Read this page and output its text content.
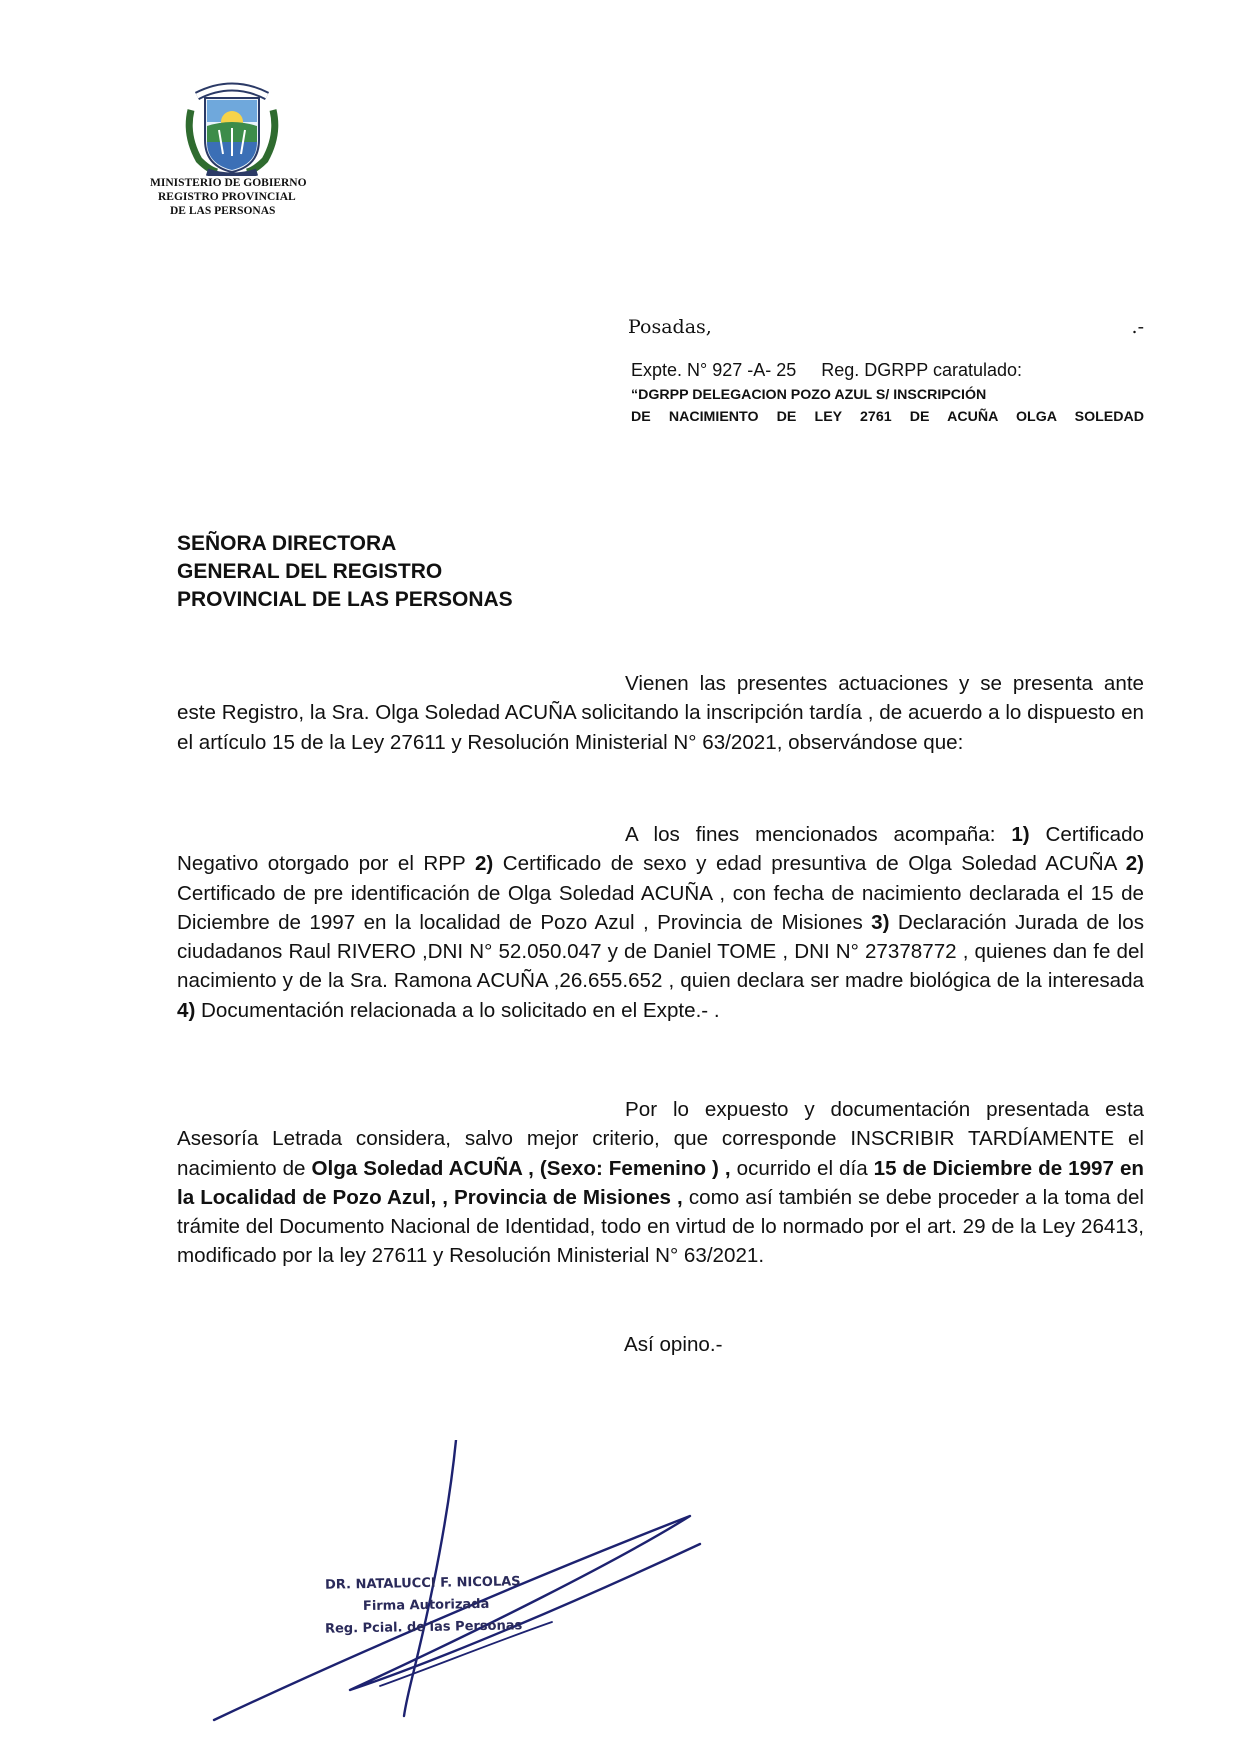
MINISTERIO DE GOBIERNO
REGISTRO PROVINCIAL
DE LAS PERSONAS
Posadas,	.-
Expte. N° 927 -A- 25     Reg. DGRPP caratulado:
“DGRPP DELEGACION POZO AZUL S/ INSCRIPCIÓN
DE NACIMIENTO DE LEY 2761 DE ACUÑA OLGA SOLEDAD
SEÑORA DIRECTORA
GENERAL DEL REGISTRO
PROVINCIAL DE LAS PERSONAS
Vienen las presentes actuaciones y se presenta ante este Registro, la Sra. Olga Soledad ACUÑA solicitando la inscripción tardía , de acuerdo a lo dispuesto en el artículo 15 de la Ley 27611 y Resolución Ministerial N° 63/2021, observándose que:
A los fines mencionados acompaña: 1) Certificado Negativo otorgado por el RPP 2) Certificado de sexo y edad presuntiva de Olga Soledad ACUÑA 2) Certificado de pre identificación de Olga Soledad ACUÑA , con fecha de nacimiento declarada el 15 de Diciembre de 1997 en la localidad de Pozo Azul , Provincia de Misiones 3) Declaración Jurada de los ciudadanos Raul RIVERO ,DNI N° 52.050.047 y de Daniel TOME , DNI N° 27378772 , quienes dan fe del nacimiento y de la Sra. Ramona ACUÑA ,26.655.652 , quien declara ser madre biológica de la interesada 4) Documentación relacionada a lo solicitado en el Expte.- .
Por lo expuesto y documentación presentada esta Asesoría Letrada considera, salvo mejor criterio, que corresponde INSCRIBIR TARDÍAMENTE el nacimiento de Olga Soledad ACUÑA , (Sexo: Femenino ) , ocurrido el día 15 de Diciembre de 1997 en la Localidad de Pozo Azul, , Provincia de Misiones , como así también se debe proceder a la toma del trámite del Documento Nacional de Identidad, todo en virtud de lo normado por el art. 29 de la Ley 26413, modificado por la ley 27611 y Resolución Ministerial N° 63/2021.
Así opino.-
DR. NATALUCCI F. NICOLAS
Firma Autorizada
Reg. Pcial. de las Personas
